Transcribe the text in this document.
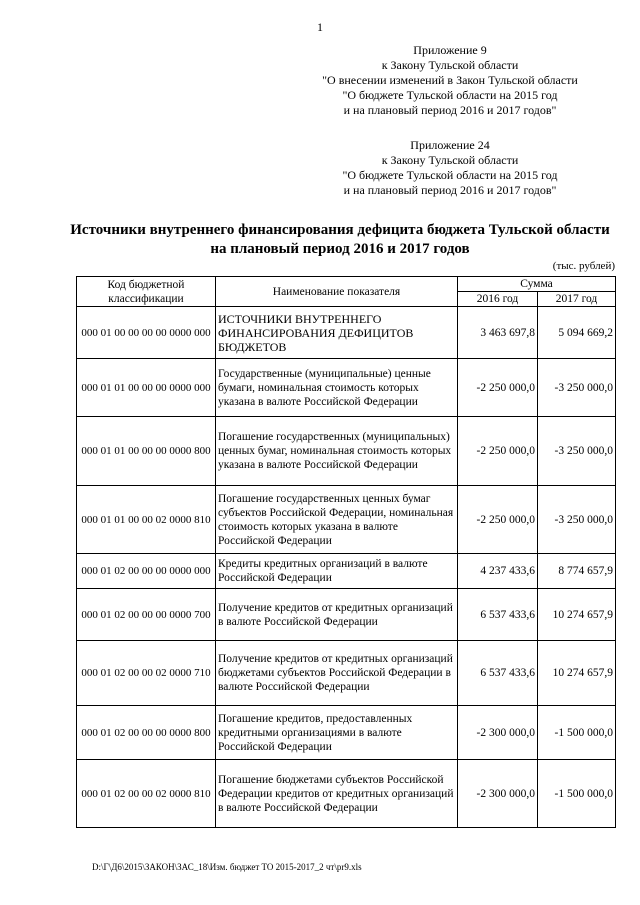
1
Приложение 9
к Закону Тульской области
"О внесении изменений в Закон Тульской области
"О бюджете Тульской области на 2015 год
и на плановый период 2016 и 2017 годов"
Приложение 24
к Закону Тульской области
"О бюджете Тульской области на 2015 год
и на плановый период 2016 и 2017 годов"
Источники внутреннего финансирования дефицита бюджета Тульской области
на плановый период 2016 и 2017 годов
(тыс. рублей)
Код бюджетной классификации	Наименование показателя	Сумма	
		2016 год	2017 год
000 01 00 00 00 00 0000 000	ИСТОЧНИКИ ВНУТРЕННЕГО ФИНАНСИРОВАНИЯ ДЕФИЦИТОВ БЮДЖЕТОВ	3 463 697,8	5 094 669,2
000 01 01 00 00 00 0000 000	Государственные (муниципальные) ценные бумаги, номинальная стоимость которых указана в валюте Российской Федерации	-2 250 000,0	-3 250 000,0
000 01 01 00 00 00 0000 800	Погашение государственных (муниципальных) ценных бумаг, номинальная стоимость которых указана в валюте Российской Федерации	-2 250 000,0	-3 250 000,0
000 01 01 00 00 02 0000 810	Погашение государственных ценных бумаг субъектов Российской Федерации, номинальная стоимость которых указана в валюте Российской Федерации	-2 250 000,0	-3 250 000,0
000 01 02 00 00 00 0000 000	Кредиты кредитных организаций в валюте Российской Федерации	4 237 433,6	8 774 657,9
000 01 02 00 00 00 0000 700	Получение кредитов от кредитных организаций в валюте Российской Федерации	6 537 433,6	10 274 657,9
000 01 02 00 00 02 0000 710	Получение кредитов от кредитных организаций бюджетами субъектов Российской Федерации в валюте Российской Федерации	6 537 433,6	10 274 657,9
000 01 02 00 00 00 0000 800	Погашение кредитов, предоставленных кредитными организациями в валюте Российской Федерации	-2 300 000,0	-1 500 000,0
000 01 02 00 00 02 0000 810	Погашение бюджетами субъектов Российской Федерации кредитов от кредитных организаций в валюте Российской Федерации	-2 300 000,0	-1 500 000,0
D:\Г\Д6\2015\ЗАКОН\ЗАС_18\Изм. бюджет ТО 2015-2017_2 чт\pr9.xls
